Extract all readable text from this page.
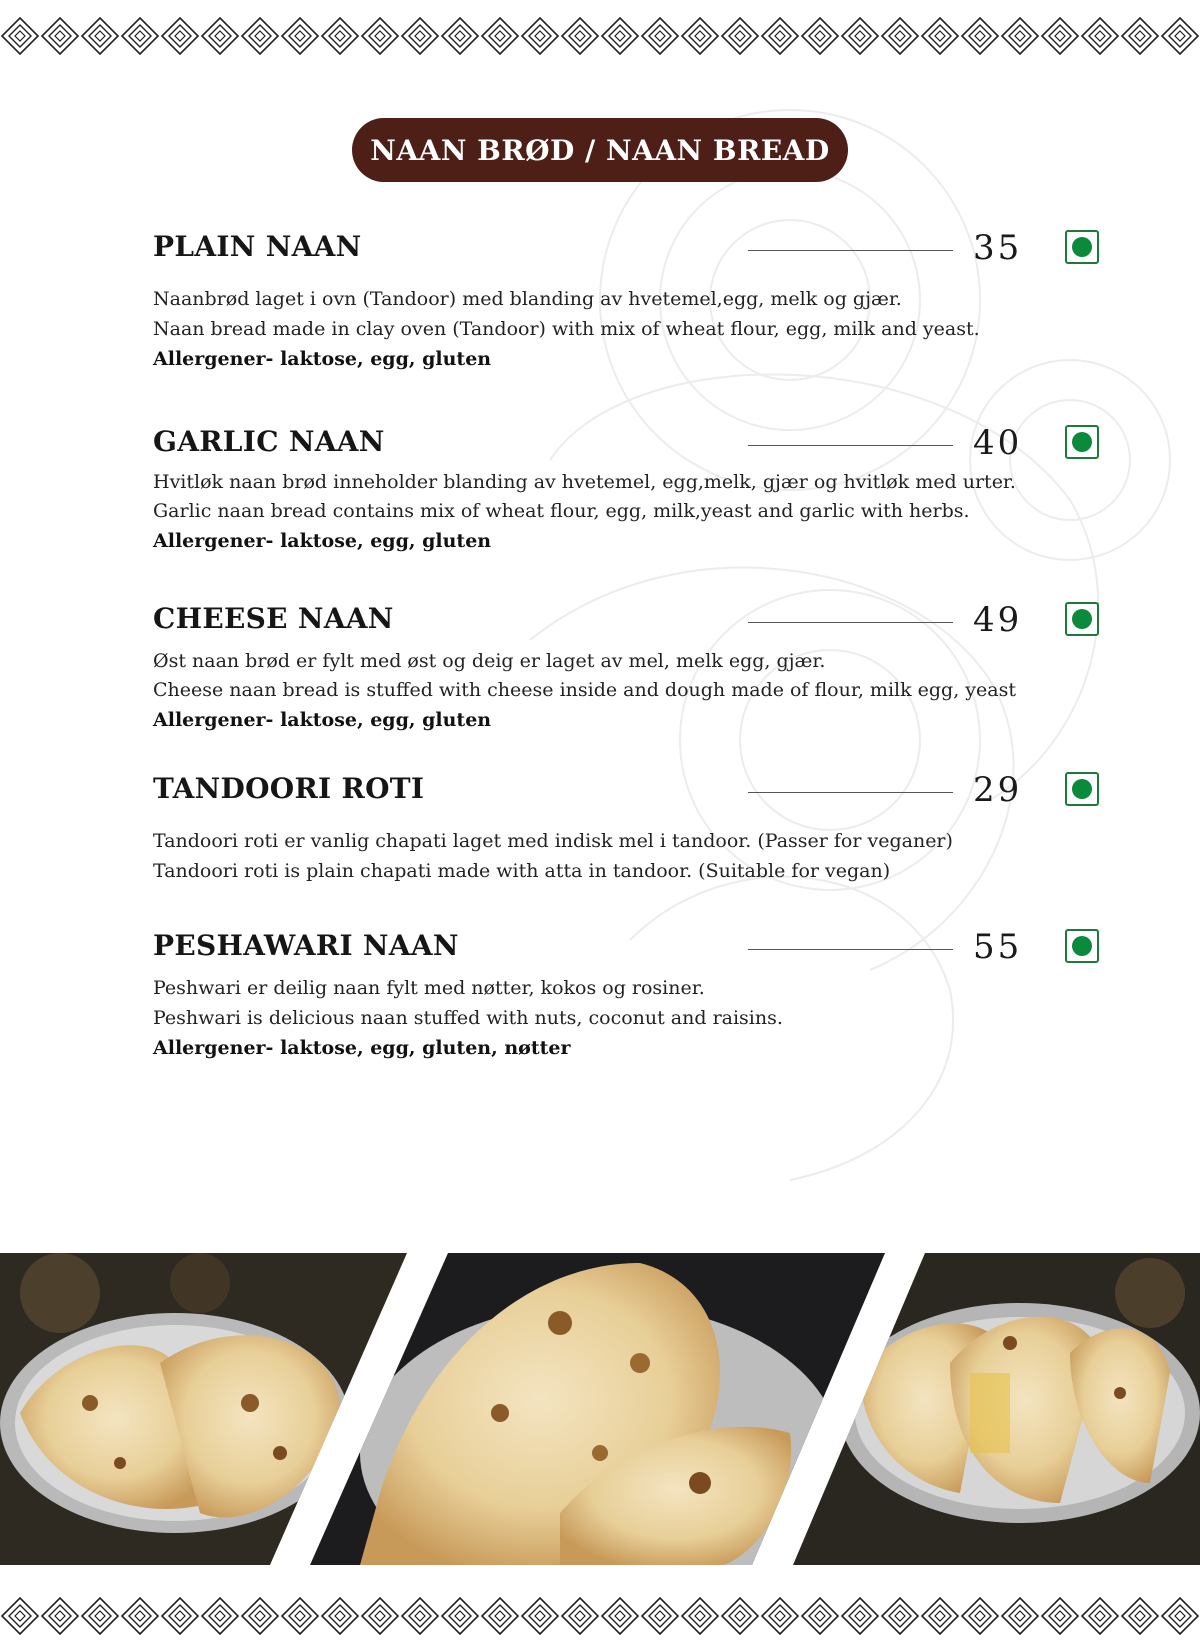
NAAN BRØD / NAAN BREAD
PLAIN NAAN	35

Naanbrød laget i ovn (Tandoor) med blanding av hvetemel,egg, melk og gjær.

Naan bread made in clay oven (Tandoor) with mix of wheat flour, egg, milk and yeast.

Allergener- laktose, egg, gluten

GARLIC NAAN	40

Hvitløk naan brød inneholder blanding av hvetemel, egg,melk, gjær og hvitløk med urter.

Garlic naan bread contains mix of wheat flour, egg, milk,yeast and garlic with herbs.

Allergener- laktose, egg, gluten

CHEESE NAAN	49

Øst naan brød er fylt med øst og deig er laget av mel, melk egg, gjær.

Cheese naan bread is stuffed with cheese inside and dough made of flour, milk egg, yeast

Allergener- laktose, egg, gluten

TANDOORI ROTI	29

Tandoori roti er vanlig chapati laget med indisk mel i tandoor. (Passer for veganer)

Tandoori roti is plain chapati made with atta in tandoor. (Suitable for vegan)

PESHAWARI NAAN	55

Peshwari er deilig naan fylt med nøtter, kokos og rosiner.

Peshwari is delicious naan stuffed with nuts, coconut and raisins.

Allergener- laktose, egg, gluten, nøtter
